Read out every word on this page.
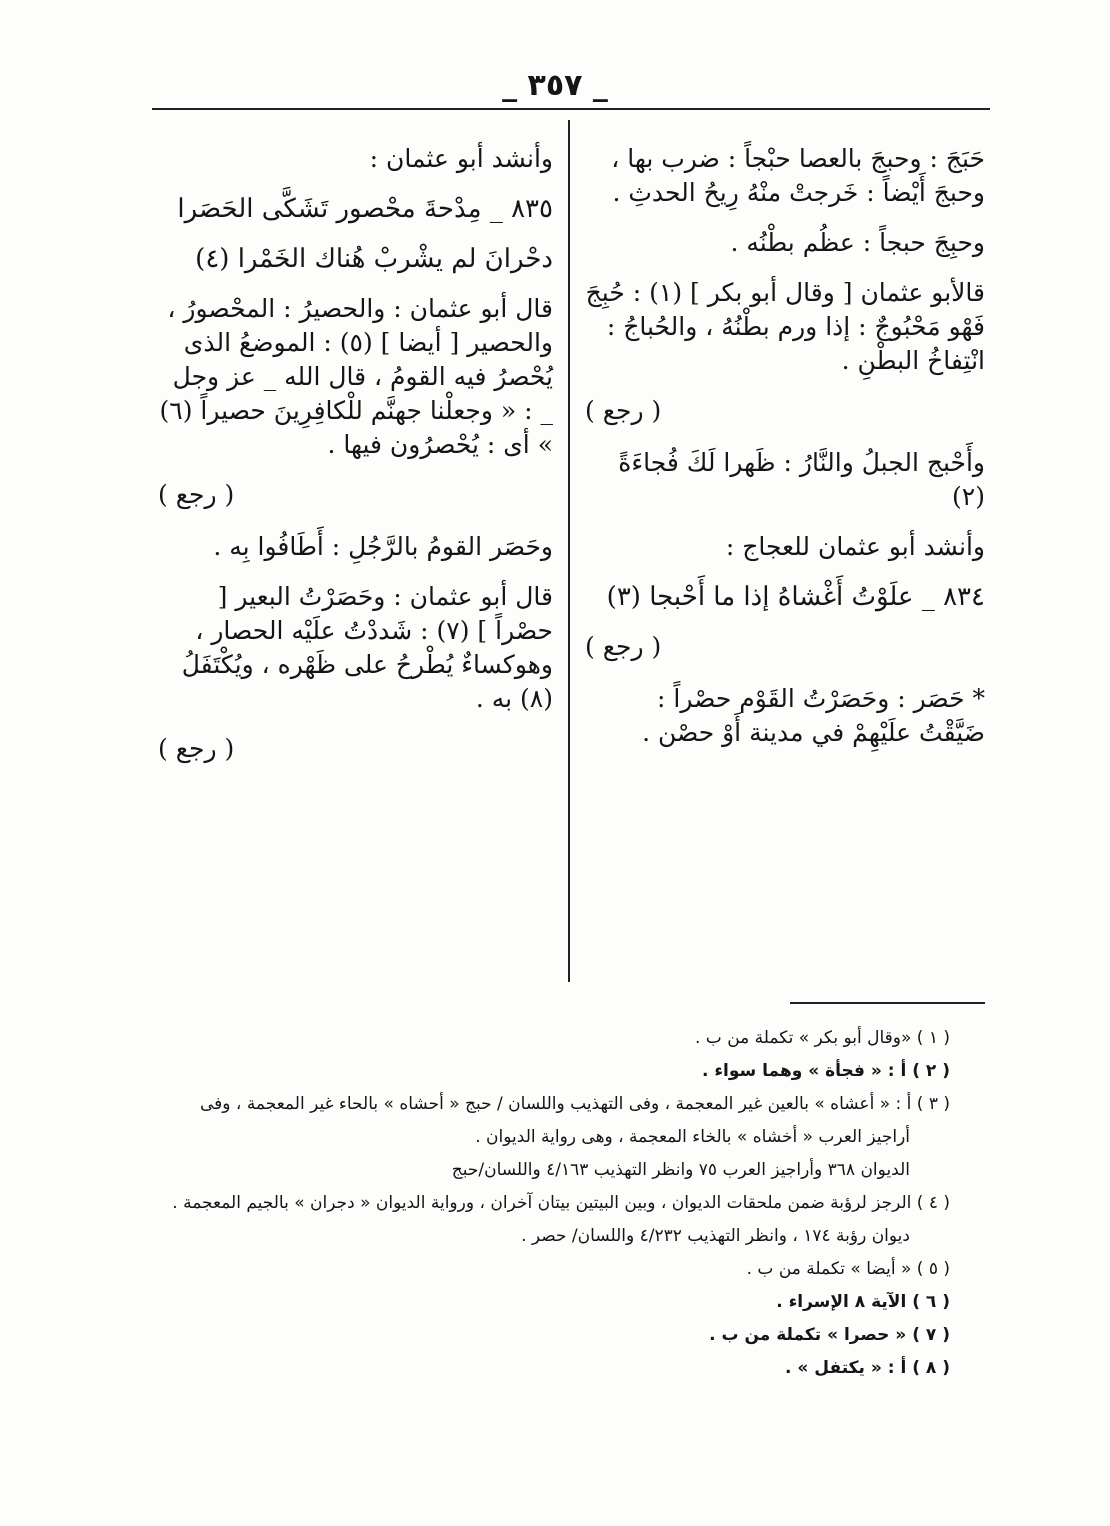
_ ٣٥٧ _

حَبَجَ : وحبجَ بالعصا حبْجاً : ضرب بها ، وحبجَ أَيْضاً : خَرجتْ منْهُ رِيحُ الحدثِ .

وحبِجَ حبجاً : عظُم بطْنُه .

قالأبو عثمان [ وقال أبو بكر ] (١) : حُبِجَ فَهْو مَحْبُوجٌ : إذا ورم بطْنُهُ ، والحُباجُ : انْتِفاخُ البطْنِ .

( رجع )

وأَحْبج الجبلُ والنَّارُ : ظَهرا لَكَ فُجاءَةً (٢)

وأنشد أبو عثمان للعجاج :

٨٣٤ _ علَوْتُ أَغْشاهُ إذا ما أَحْبجا (٣)

( رجع )

* حَصَر : وحَصَرْتُ القَوْم حصْراً : ضَيَّقْتُ علَيْهِمْ في مدينة أَوْ حصْن .

وأنشد أبو عثمان :

٨٣٥ _ مِدْحةَ محْصور تَشَكَّى الحَصَرا

دحْرانَ لم يشْربْ هُناك الخَمْرا (٤)

قال أبو عثمان : والحصيرُ : المحْصورُ ، والحصير [ أيضا ] (٥) : الموضعُ الذى يُحْصرُ فيه القومُ ، قال الله _ عز وجل _ : « وجعلْنا جهنَّم للْكافِرِينَ حصيراً (٦) » أى : يُحْصرُون فيها .

( رجع )

وحَصَر القومُ بالرَّجُلِ : أَطَافُوا بِه .

قال أبو عثمان : وحَصَرْتُ البعير [ حصْراً ] (٧) : شَددْتُ علَيْه الحصار ، وهوكساءٌ يُطْرحُ على ظَهْره ، ويُكْتَفَلُ (٨) به .

( رجع )

( ١ ) «وقال أبو بكر » تكملة من ب .
( ٢ ) أ : « فجأة » وهما سواء .
( ٣ ) أ : « أعشاه » بالعين غير المعجمة ، وفى التهذيب واللسان / حبج « أحشاه » بالحاء غير المعجمة ، وفى
أراجيز العرب « أخشاه » بالخاء المعجمة ، وهى رواية الديوان .
الديوان ٣٦٨ وأراجيز العرب ٧٥ وانظر التهذيب ٤/١٦٣ واللسان/حبج
( ٤ ) الرجز لرؤبة ضمن ملحقات الديوان ، وبين البيتين بيتان آخران ، ورواية الديوان « دجران » بالجيم المعجمة .
ديوان رؤبة ١٧٤ ، وانظر التهذيب ٤/٢٣٢ واللسان/ حصر .
( ٥ ) « أيضا » تكملة من ب .
( ٦ ) الآية ٨ الإسراء .
( ٧ ) « حصرا » تكملة من ب .
( ٨ ) أ : « يكتفل » .
